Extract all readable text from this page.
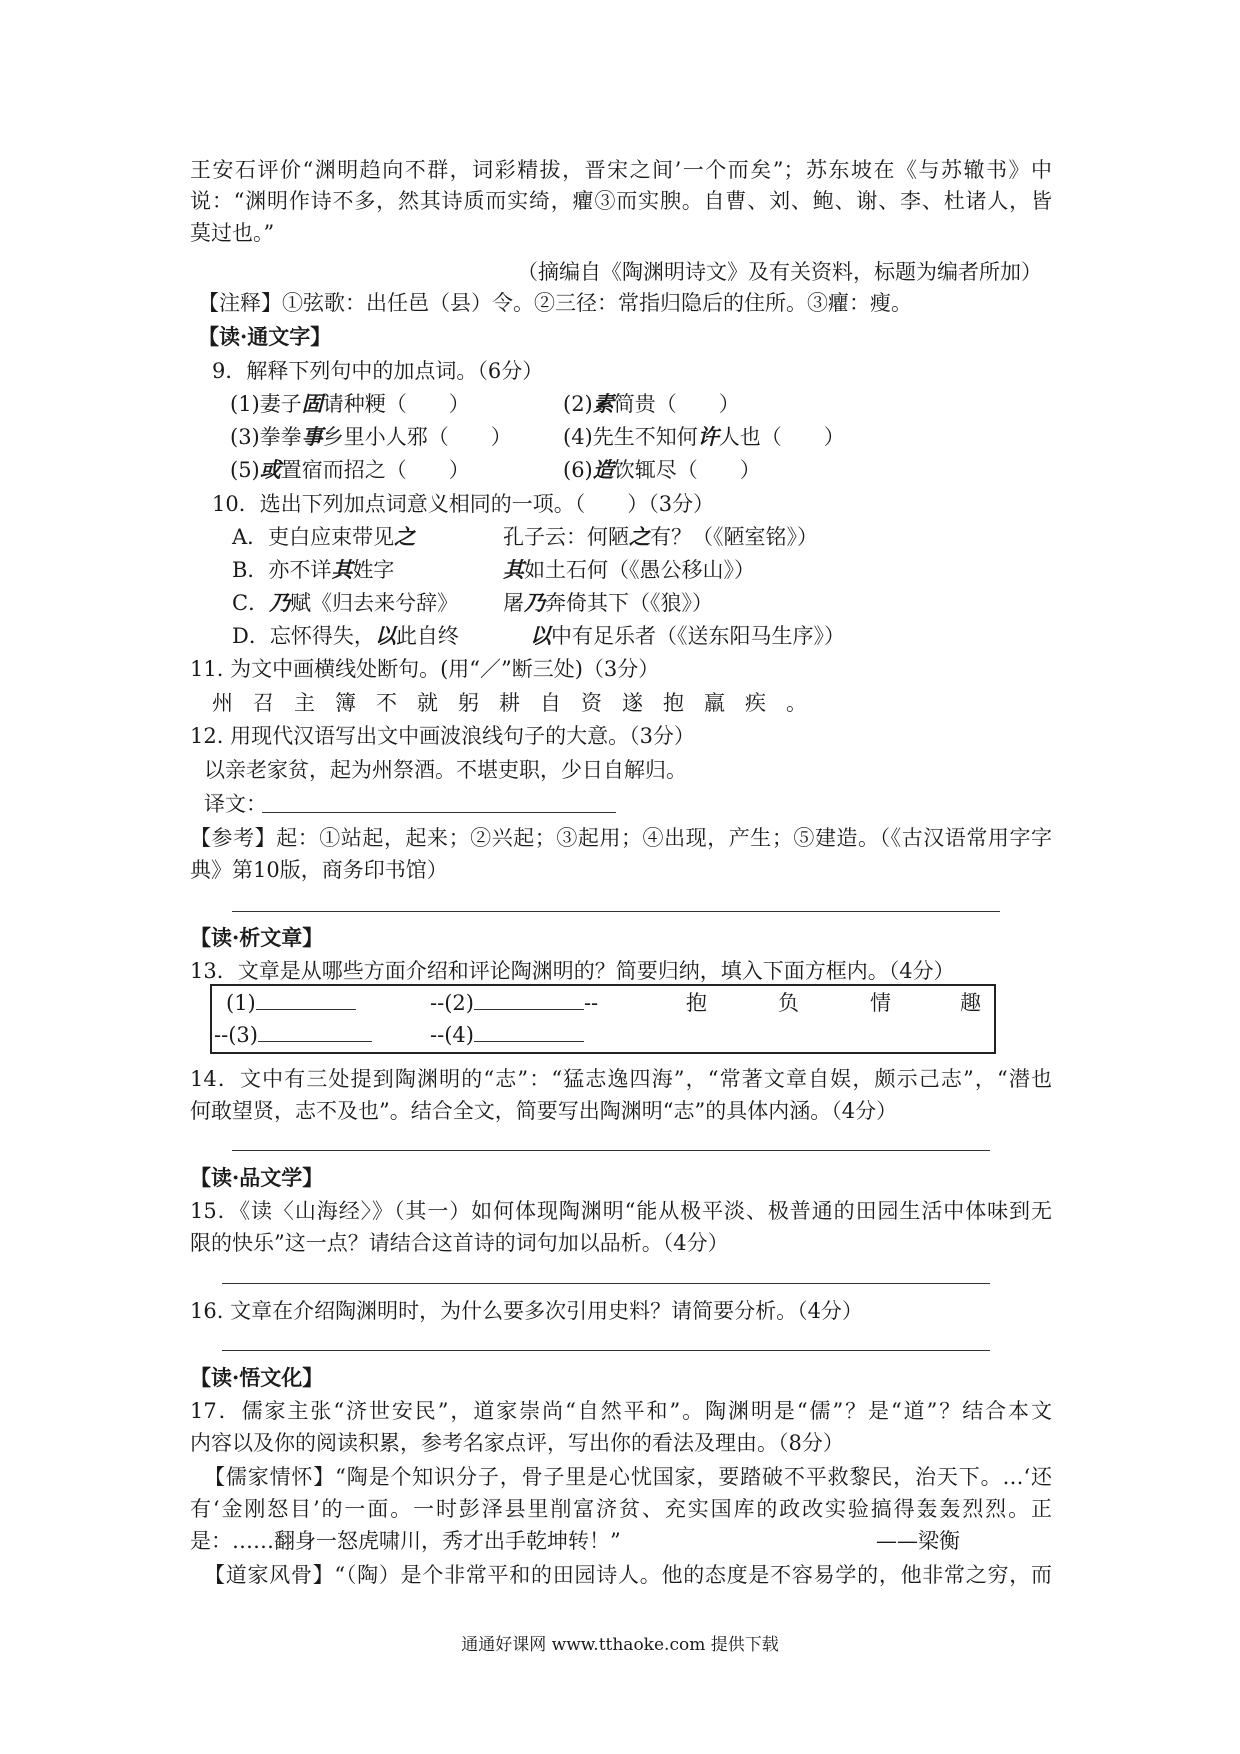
王安石评价“渊明趋向不群，词彩精拔，晋宋之间’一个而矣”；苏东坡在《与苏辙书》中
说：“渊明作诗不多，然其诗质而实绮，癯③而实腴。自曹、刘、鲍、谢、李、杜诸人，皆
莫过也。”
（摘编自《陶渊明诗文》及有关资料，标题为编者所加）
【注释】①弦歌：出任邑（县）令。②三径：常指归隐后的住所。③癯：瘦。
【读·通文字】
9．解释下列句中的加点词。（6分）
(1)妻子固请种粳（　　）	(2)素简贵（　　）
(3)拳拳事乡里小人邪（　　） (4)先生不知何许人也（　　）
(5)或置宿而招之（　　）	(6)造饮辄尽（　　）
10．选出下列加点词意义相同的一项。（　　）（3分）
A．吏白应束带见之	孔子云：何陋之有？（《陋室铭》）
B．亦不详其姓字	其如土石何（《愚公移山》）
C．乃赋《归去来兮辞》 屠乃奔倚其下（《狼》）
D．忘怀得失，以此自终	以中有足乐者（《送东阳马生序》）
11. 为文中画横线处断句。(用“／”断三处)（3分）
州召主簿不就躬耕自资遂抱羸疾。
12. 用现代汉语写出文中画波浪线句子的大意。（3分）
以亲老家贫，起为州祭酒。不堪吏职，少日自解归。
译文：
【参考】起：①站起，起来；②兴起；③起用；④出现，产生；⑤建造。（《古汉语常用字字
典》第10版，商务印书馆）
【读·析文章】
13．文章是从哪些方面介绍和评论陶渊明的？简要归纳，填入下面方框内。（4分）
(1)	--(2)	--	抱	负	情	趣
--(3)	--(4)
14．文中有三处提到陶渊明的“志”：“猛志逸四海”，“常著文章自娱，颇示己志”，“潜也
何敢望贤，志不及也”。结合全文，简要写出陶渊明“志”的具体内涵。（4分）
【读·品文学】
15．《读〈山海经〉》（其一）如何体现陶渊明“能从极平淡、极普通的田园生活中体味到无
限的快乐”这一点？请结合这首诗的词句加以品析。（4分）
16. 文章在介绍陶渊明时，为什么要多次引用史料？请简要分析。（4分）
【读·悟文化】
17．儒家主张“济世安民”，道家崇尚“自然平和”。陶渊明是“儒”？是“道”？结合本文
内容以及你的阅读积累，参考名家点评，写出你的看法及理由。（8分）
【儒家情怀】“陶是个知识分子，骨子里是心忧国家，要踏破不平救黎民，治天下。…‘还
有‘金刚怒目’的一面。一时彭泽县里削富济贫、充实国库的政改实验搞得轰轰烈烈。正
是：……翻身一怒虎啸川，秀才出手乾坤转！”	——梁衡
【道家风骨】“（陶）是个非常平和的田园诗人。他的态度是不容易学的，他非常之穷，而
通通好课网 www.tthaoke.com 提供下载
